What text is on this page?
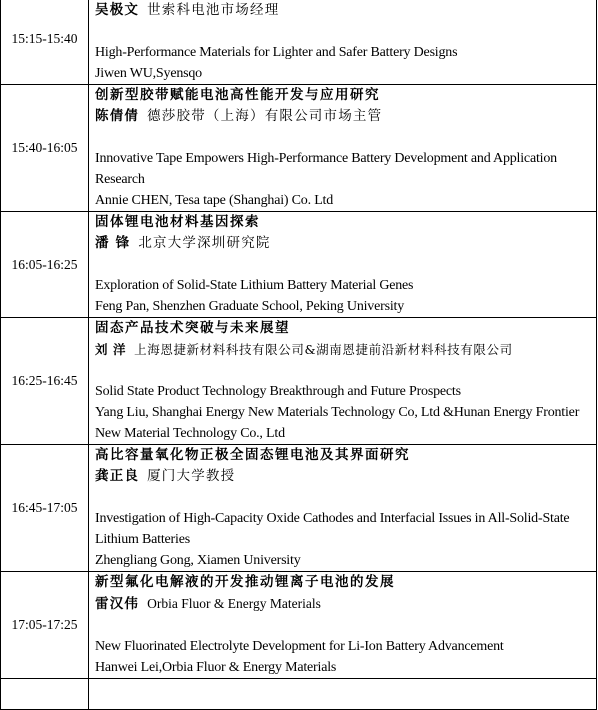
15:15-15:40	吴极文 世索科电池市场经理
High-Performance Materials for Lighter and Safer Battery Designs
Jiwen WU,Syensqo

15:40-16:05	创新型胶带赋能电池高性能开发与应用研究
陈倩倩 德莎胶带（上海）有限公司市场主管
Innovative Tape Empowers High-Performance Battery Development and Application Research
Annie CHEN, Tesa tape (Shanghai) Co. Ltd

16:05-16:25	固体锂电池材料基因探索
潘 锋 北京大学深圳研究院
Exploration of Solid-State Lithium Battery Material Genes
Feng Pan, Shenzhen Graduate School, Peking University

16:25-16:45	固态产品技术突破与未来展望
刘 洋 上海恩捷新材料科技有限公司&湖南恩捷前沿新材料科技有限公司
Solid State Product Technology Breakthrough and Future Prospects
Yang Liu, Shanghai Energy New Materials Technology Co, Ltd &Hunan Energy Frontier New Material Technology Co., Ltd

16:45-17:05	高比容量氧化物正极全固态锂电池及其界面研究
龚正良 厦门大学教授
Investigation of High-Capacity Oxide Cathodes and Interfacial Issues in All-Solid-State Lithium Batteries
Zhengliang Gong, Xiamen University

17:05-17:25	新型氟化电解液的开发推动锂离子电池的发展
雷汉伟 Orbia Fluor & Energy Materials
New Fluorinated Electrolyte Development for Li-Ion Battery Advancement
Hanwei Lei,Orbia Fluor & Energy Materials
